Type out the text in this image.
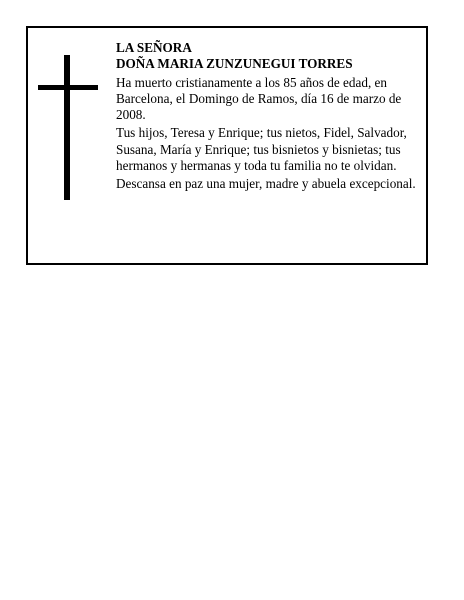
LA SEÑORA

DOÑA MARIA ZUNZUNEGUI TORRES

Ha muerto cristianamente a los 85 años de edad, en Barcelona, el Domingo de Ramos, día 16 de marzo de 2008.

Tus hijos, Teresa y Enrique; tus nietos, Fidel, Salvador, Susana, María y Enrique; tus bisnietos y bisnietas; tus hermanos y hermanas y toda tu familia no te olvidan.

Descansa en paz una mujer, madre y abuela excepcional.
